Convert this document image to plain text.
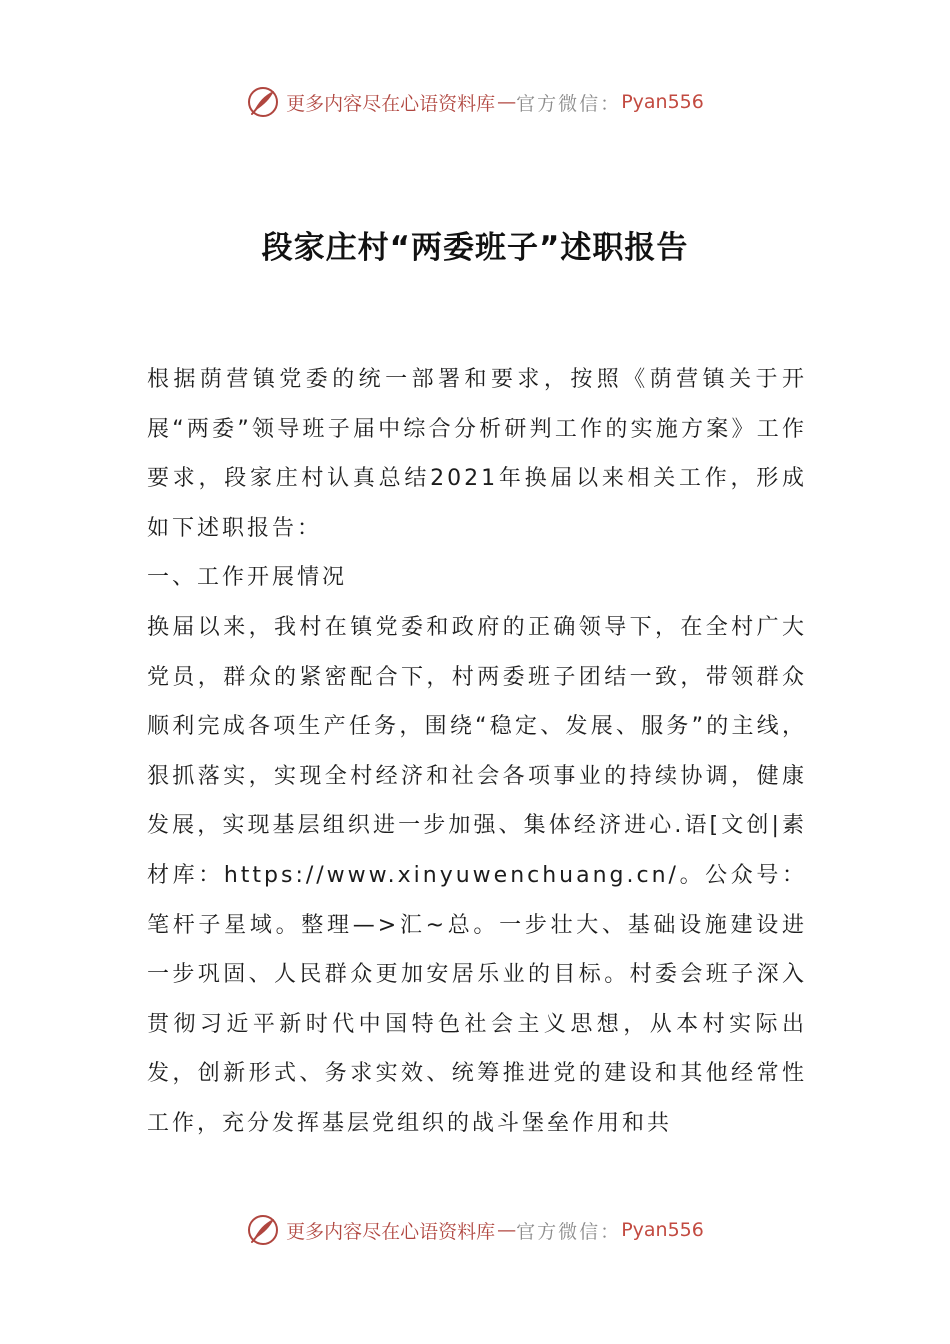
更多内容尽在心语资料库 — 官方微信： Pyan556
段家庄村“两委班子”述职报告

根据荫营镇党委的统一部署和要求，按照《荫营镇关于开展“两委”领导班子届中综合分析研判工作的实施方案》工作要求，段家庄村认真总结2021年换届以来相关工作，形成如下述职报告：

一、工作开展情况

换届以来，我村在镇党委和政府的正确领导下，在全村广大党员，群众的紧密配合下，村两委班子团结一致，带领群众顺利完成各项生产任务，围绕“稳定、发展、服务”的主线，狠抓落实，实现全村经济和社会各项事业的持续协调，健康发展，实现基层组织进一步加强、集体经济进心.语[文创|素材库：https://www.xinyuwenchuang.cn/。公众号：笔杆子星域。整理—>汇~总。一步壮大、基础设施建设进一步巩固、人民群众更加安居乐业的目标。村委会班子深入贯彻习近平新时代中国特色社会主义思想，从本村实际出发，创新形式、务求实效、统筹推进党的建设和其他经常性工作，充分发挥基层党组织的战斗堡垒作用和共

更多内容尽在心语资料库 — 官方微信： Pyan556
